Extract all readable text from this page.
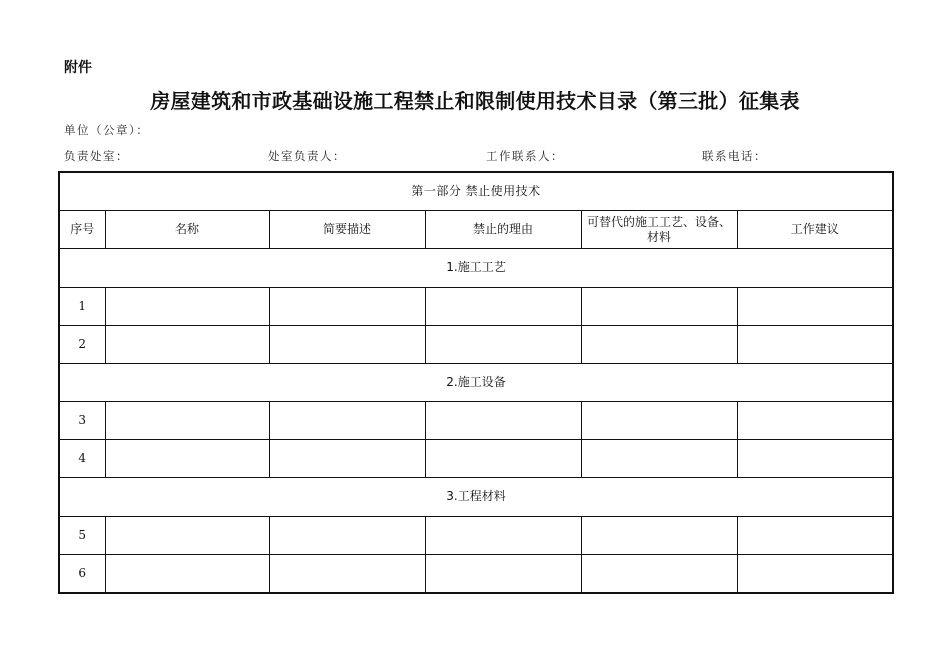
附件
房屋建筑和市政基础设施工程禁止和限制使用技术目录（第三批）征集表
单位（公章）：
负责处室：	处室负责人：	工作联系人：	联系电话：
第一部分 禁止使用技术					
序号	名称	简要描述	禁止的理由	可替代的施工工艺、设备、材料	工作建议
1.施工工艺					
1					
2					
2.施工设备					
3					
4					
3.工程材料					
5					
6					
